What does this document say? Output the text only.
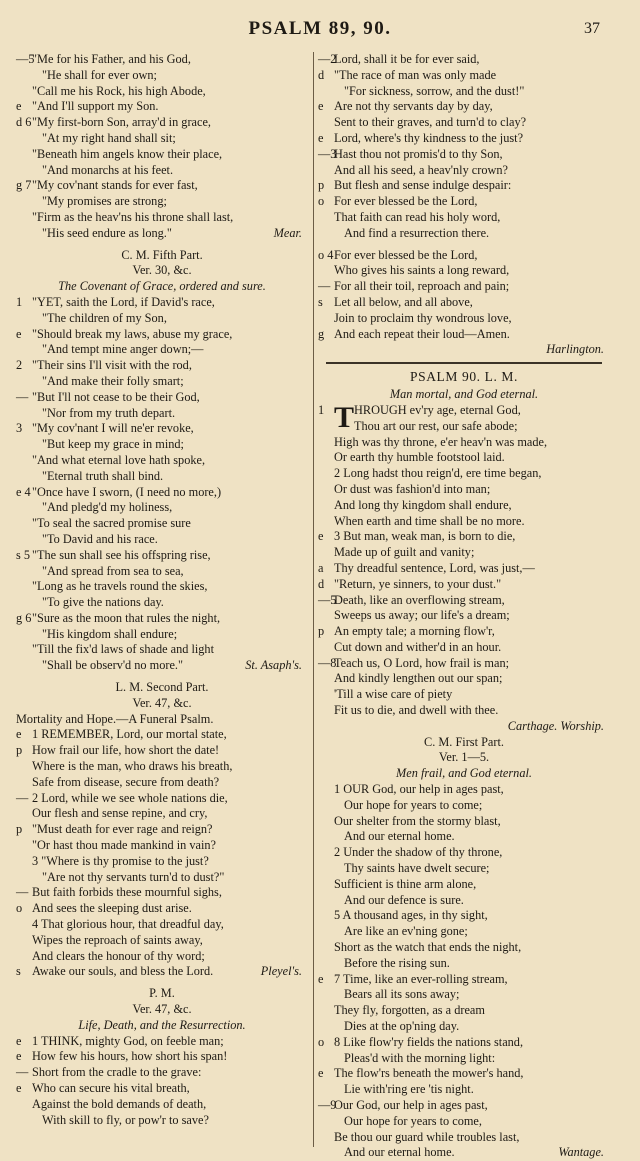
PSALM 89, 90.	37
—5
"Me for his Father, and his God,
"He shall for ever own;
"Call me his Rock, his high Abode,
e "And I'll support my Son.
d 6 "My first-born Son, array'd in grace,
"At my right hand shall sit;
"Beneath him angels know their place,
"And monarchs at his feet.
g 7 "My cov'nant stands for ever fast,
"My promises are strong;
"Firm as the heav'ns his throne shall last,
"His seed endure as long."	Mear.
C. M. Fifth Part.
Ver. 30, &c.
The Covenant of Grace, ordered and sure.
1 "YET, saith the Lord, if David's race,
"The children of my Son,
e "Should break my laws, abuse my grace,
"And tempt mine anger down;—
2 "Their sins I'll visit with the rod,
"And make their folly smart;
— "But I'll not cease to be their God,
"Nor from my truth depart.
3 "My cov'nant I will ne'er revoke,
"But keep my grace in mind;
"And what eternal love hath spoke,
"Eternal truth shall bind.
e 4 "Once have I sworn, (I need no more,)
"And pledg'd my holiness,
"To seal the sacred promise sure
"To David and his race.
s 5 "The sun shall see his offspring rise,
"And spread from sea to sea,
"Long as he travels round the skies,
"To give the nations day.
g 6 "Sure as the moon that rules the night,
"His kingdom shall endure;
"Till the fix'd laws of shade and light
"Shall be observ'd no more."	St. Asaph's.
L. M. Second Part.
Ver. 47, &c.
Mortality and Hope.—A Funeral Psalm.
e 1 REMEMBER, Lord, our mortal state,
p How frail our life, how short the date!
Where is the man, who draws his breath,
Safe from disease, secure from death?
— 2 Lord, while we see whole nations die,
Our flesh and sense repine, and cry,
p "Must death for ever rage and reign?
"Or hast thou made mankind in vain?
3 "Where is thy promise to the just?
"Are not thy servants turn'd to dust?"
— But faith forbids these mournful sighs,
o And sees the sleeping dust arise.
4 That glorious hour, that dreadful day,
Wipes the reproach of saints away,
And clears the honour of thy word;
s Awake our souls, and bless the Lord.	Pleyel's.
P. M.
Ver. 47, &c.
Life, Death, and the Resurrection.
e 1 THINK, mighty God, on feeble man;
e How few his hours, how short his span!
— Short from the cradle to the grave:
e Who can secure his vital breath,
Against the bold demands of death,
With skill to fly, or pow'r to save?
—2
Lord, shall it be for ever said,
d "The race of man was only made
"For sickness, sorrow, and the dust!"
e Are not thy servants day by day,
Sent to their graves, and turn'd to clay?
e Lord, where's thy kindness to the just?
—3
Hast thou not promis'd to thy Son,
And all his seed, a heav'nly crown?
p But flesh and sense indulge despair:
o For ever blessed be the Lord,
That faith can read his holy word,
And find a resurrection there.
o 4 For ever blessed be the Lord,
Who gives his saints a long reward,
— For all their toil, reproach and pain;
s Let all below, and all above,
Join to proclaim thy wondrous love,
g And each repeat their loud—Amen.
Harlington.
PSALM 90. L. M.
Man mortal, and God eternal.
1 T HROUGH ev'ry age, eternal God,
Thou art our rest, our safe abode;
High was thy throne, e'er heav'n was made,
Or earth thy humble footstool laid.
2 Long hadst thou reign'd, ere time began,
Or dust was fashion'd into man;
And long thy kingdom shall endure,
When earth and time shall be no more.
e 3 But man, weak man, is born to die,
Made up of guilt and vanity;
a Thy dreadful sentence, Lord, was just,—
d "Return, ye sinners, to your dust."
—5
Death, like an overflowing stream,
Sweeps us away; our life's a dream;
p An empty tale; a morning flow'r,
Cut down and wither'd in an hour.
—8
Teach us, O Lord, how frail is man;
And kindly lengthen out our span;
'Till a wise care of piety
Fit us to die, and dwell with thee.
Carthage. Worship.
C. M. First Part.
Ver. 1—5.
Men frail, and God eternal.
1 OUR God, our help in ages past,
Our hope for years to come;
Our shelter from the stormy blast,
And our eternal home.
2 Under the shadow of thy throne,
Thy saints have dwelt secure;
Sufficient is thine arm alone,
And our defence is sure.
5 A thousand ages, in thy sight,
Are like an ev'ning gone;
Short as the watch that ends the night,
Before the rising sun.
e 7 Time, like an ever-rolling stream,
Bears all its sons away;
They fly, forgotten, as a dream
Dies at the op'ning day.
o 8 Like flow'ry fields the nations stand,
Pleas'd with the morning light:
e The flow'rs beneath the mower's hand,
Lie with'ring ere 'tis night.
—9
Our God, our help in ages past,
Our hope for years to come,
Be thou our guard while troubles last,
And our eternal home.	Wantage.
